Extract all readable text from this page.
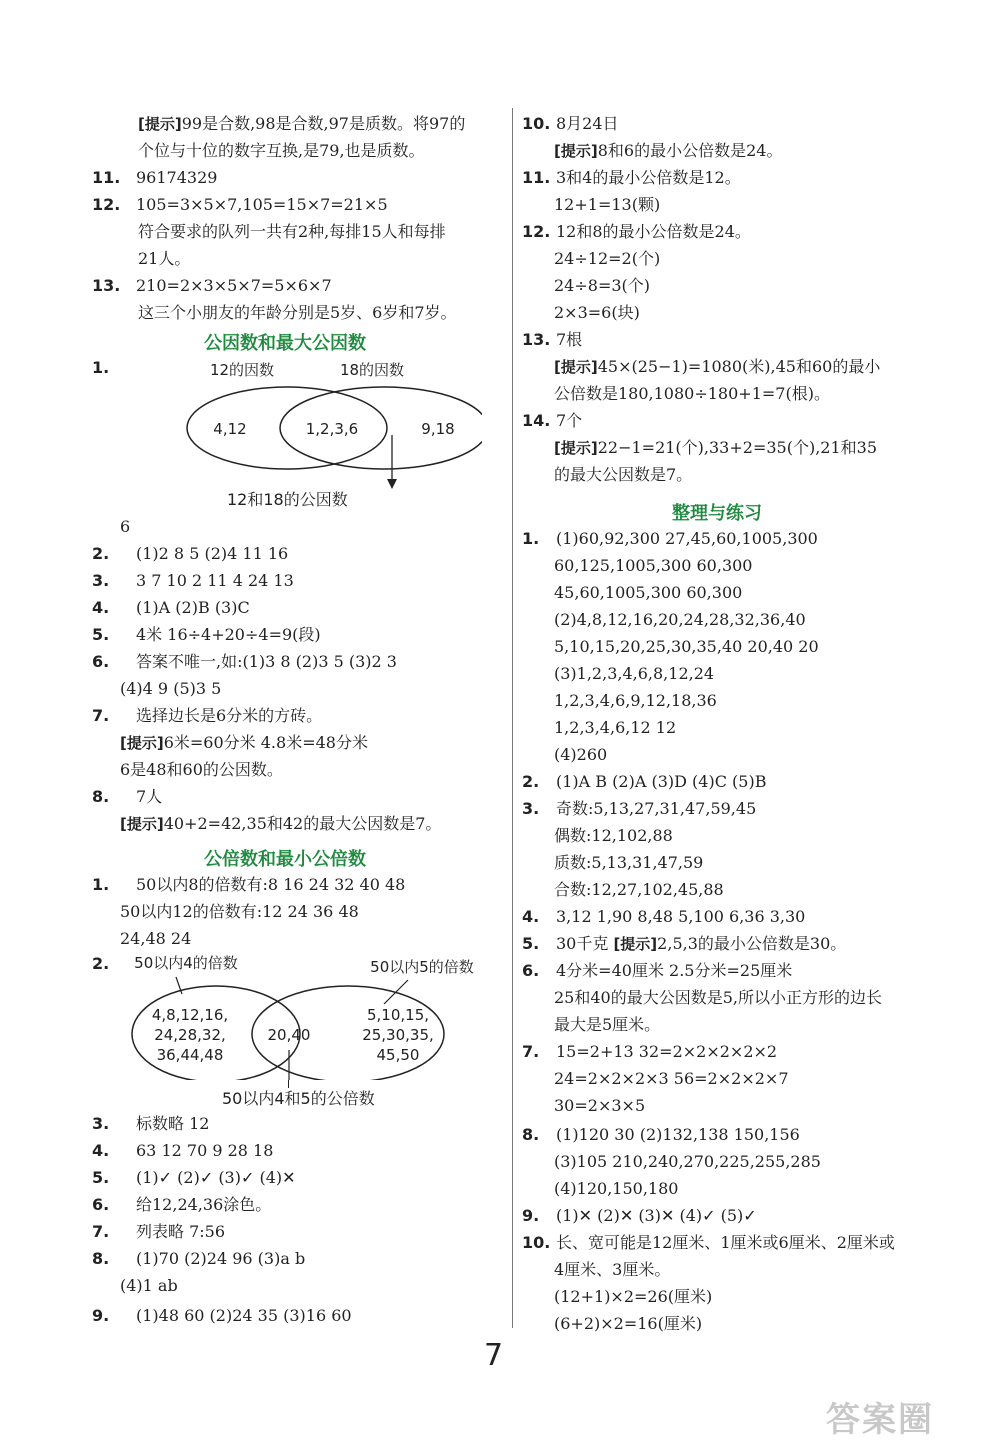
[提示]99是合数,98是合数,97是质数。将97的
个位与十位的数字互换,是79,也是质数。
11. 96174329
12. 105=3×5×7,105=15×7=21×5
符合要求的队列一共有2种,每排15人和每排
21人。
13. 210=2×3×5×7=5×6×7
这三个小朋友的年龄分别是5岁、6岁和7岁。
公因数和最大公因数
1.	12的因数	18的因数
4,12	1,2,3,6	9,18
12和18的公因数
6
2. (1)2 8 5 (2)4 11 16
3. 3 7 10 2 11 4 24 13
4. (1)A (2)B (3)C
5. 4米 16÷4+20÷4=9(段)
6. 答案不唯一,如:(1)3 8 (2)3 5 (3)2 3
(4)4 9 (5)3 5
7. 选择边长是6分米的方砖。
[提示]6米=60分米 4.8米=48分米
6是48和60的公因数。
8. 7人
[提示]40+2=42,35和42的最大公因数是7。
公倍数和最小公倍数
1. 50以内8的倍数有:8 16 24 32 40 48
50以内12的倍数有:12 24 36 48
24,48 24
2.	50以内4的倍数	50以内5的倍数
4,8,12,16,
24,28,32,
36,44,48
20,40
5,10,15,
25,30,35,
45,50
50以内4和5的公倍数
3. 标数略 12
4. 63 12 70 9 28 18
5. (1)✓ (2)✓ (3)✓ (4)✕
6. 给12,24,36涂色。
7. 列表略 7:56
8. (1)70 (2)24 96 (3)a b
(4)1 ab
9. (1)48 60 (2)24 35 (3)16 60
10. 8月24日
[提示]8和6的最小公倍数是24。
11. 3和4的最小公倍数是12。
12+1=13(颗)
12. 12和8的最小公倍数是24。
24÷12=2(个)
24÷8=3(个)
2×3=6(块)
13. 7根
[提示]45×(25−1)=1080(米),45和60的最小
公倍数是180,1080÷180+1=7(根)。
14. 7个
[提示]22−1=21(个),33+2=35(个),21和35
的最大公因数是7。
整理与练习
1. (1)60,92,300 27,45,60,1005,300
60,125,1005,300 60,300
45,60,1005,300 60,300
(2)4,8,12,16,20,24,28,32,36,40
5,10,15,20,25,30,35,40 20,40 20
(3)1,2,3,4,6,8,12,24
1,2,3,4,6,9,12,18,36
1,2,3,4,6,12 12
(4)260
2. (1)A B (2)A (3)D (4)C (5)B
3. 奇数:5,13,27,31,47,59,45
偶数:12,102,88
质数:5,13,31,47,59
合数:12,27,102,45,88
4. 3,12 1,90 8,48 5,100 6,36 3,30
5. 30千克 [提示]2,5,3的最小公倍数是30。
6. 4分米=40厘米 2.5分米=25厘米
25和40的最大公因数是5,所以小正方形的边长
最大是5厘米。
7. 15=2+13 32=2×2×2×2×2
24=2×2×2×3 56=2×2×2×7
30=2×3×5
8. (1)120 30 (2)132,138 150,156
(3)105 210,240,270,225,255,285
(4)120,150,180
9. (1)✕ (2)✕ (3)✕ (4)✓ (5)✓
10. 长、宽可能是12厘米、1厘米或6厘米、2厘米或
4厘米、3厘米。
(12+1)×2=26(厘米)
(6+2)×2=16(厘米)
7
答案圈
